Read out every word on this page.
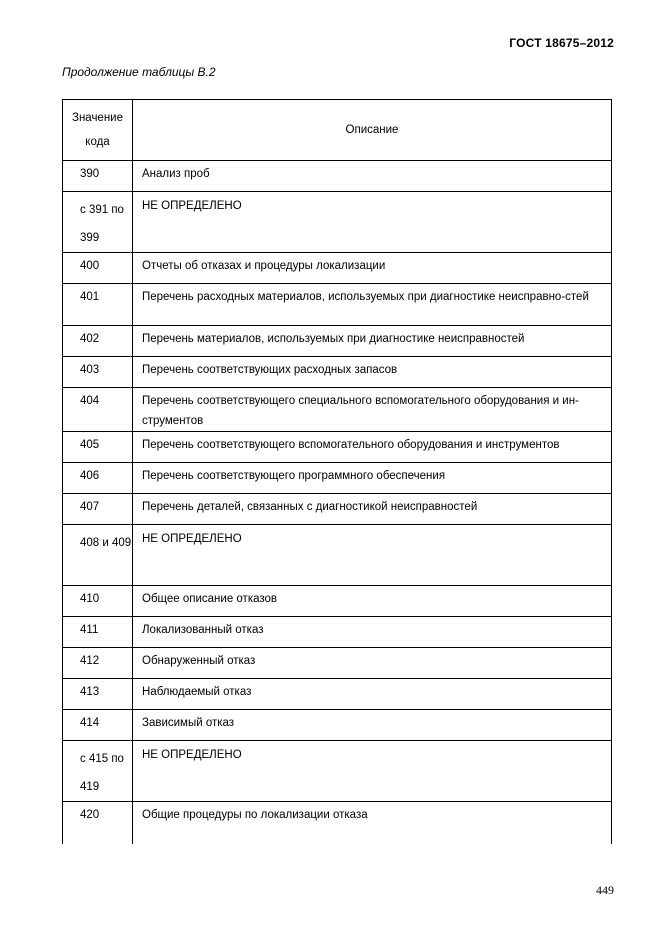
ГОСТ 18675–2012
Продолжение таблицы В.2
Значение кода	Описание
390	Анализ проб
с 391 по 399	НЕ ОПРЕДЕЛЕНО
400	Отчеты об отказах и процедуры локализации
401	Перечень расходных материалов, используемых при диагностике неисправно-стей
402	Перечень материалов, используемых при диагностике неисправностей
403	Перечень соответствующих расходных запасов
404	Перечень соответствующего специального вспомогательного оборудования и ин-струментов
405	Перечень соответствующего вспомогательного оборудования и инструментов
406	Перечень соответствующего программного обеспечения
407	Перечень деталей, связанных с диагностикой неисправностей
408 и 409	НЕ ОПРЕДЕЛЕНО
410	Общее описание отказов
411	Локализованный отказ
412	Обнаруженный отказ
413	Наблюдаемый отказ
414	Зависимый отказ
с 415 по 419	НЕ ОПРЕДЕЛЕНО
420	Общие процедуры по локализации отказа
449
